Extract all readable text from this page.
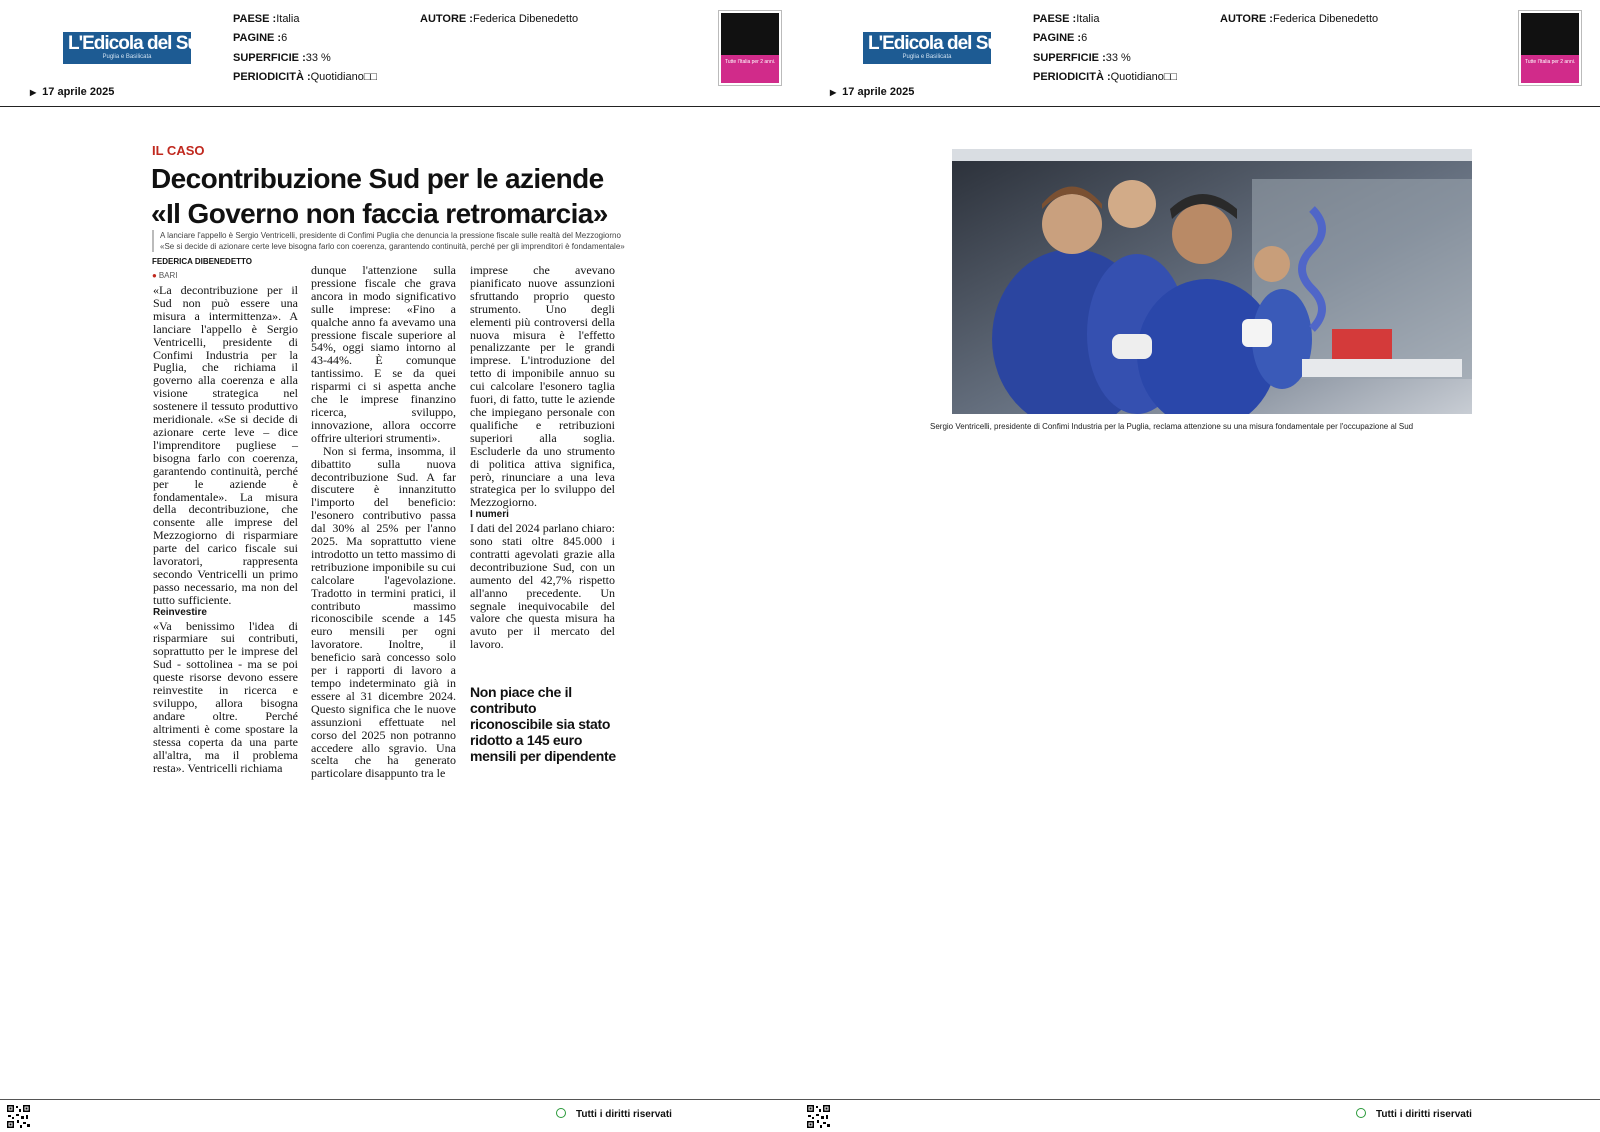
L'Edicola del Sud
Puglia e Basilicata
PAESE :Italia
PAGINE :6
SUPERFICIE :33 %
PERIODICITÀ :Quotidiano□□
AUTORE :Federica Dibenedetto
Tutte l'Italia per 2 anni.
▶ 17 aprile 2025
IL CASO
Decontribuzione Sud per le aziende
«Il Governo non faccia retromarcia»
A lanciare l'appello è Sergio Ventricelli, presidente di Confimi Puglia che denuncia la pressione fiscale sulle realtà del Mezzogiorno
«Se si decide di azionare certe leve bisogna farlo con coerenza, garantendo continuità, perché per gli imprenditori è fondamentale»
FEDERICA DIBENEDETTO
● BARI

«La decontribuzione per il Sud non può essere una misura a intermittenza». A lanciare l'appello è Sergio Ventricelli, presidente di Confimi Industria per la Puglia, che richiama il governo alla coerenza e alla visione strategica nel sostenere il tessuto produttivo meridionale. «Se si decide di azionare certe leve – dice l'imprenditore pugliese – bisogna farlo con coerenza, garantendo continuità, perché per le aziende è fondamentale». La misura della decontribuzione, che consente alle imprese del Mezzogiorno di risparmiare parte del carico fiscale sui lavoratori, rappresenta secondo Ventricelli un primo passo necessario, ma non del tutto sufficiente.

Reinvestire

«Va benissimo l'idea di risparmiare sui contributi, soprattutto per le imprese del Sud - sottolinea - ma se poi queste risorse devono essere reinvestite in ricerca e sviluppo, allora bisogna andare oltre. Perché altrimenti è come spostare la stessa coperta da una parte all'altra, ma il problema resta». Ventricelli richiama

dunque l'attenzione sulla pressione fiscale che grava ancora in modo significativo sulle imprese: «Fino a qualche anno fa avevamo una pressione fiscale superiore al 54%, oggi siamo intorno al 43-44%. È comunque tantissimo. E se da quei risparmi ci si aspetta anche che le imprese finanzino ricerca, sviluppo, innovazione, allora occorre offrire ulteriori strumenti».

Non si ferma, insomma, il dibattito sulla nuova decontribuzione Sud. A far discutere è innanzitutto l'importo del beneficio: l'esonero contributivo passa dal 30% al 25% per l'anno 2025. Ma soprattutto viene introdotto un tetto massimo di retribuzione imponibile su cui calcolare l'agevolazione. Tradotto in termini pratici, il contributo massimo riconoscibile scende a 145 euro mensili per ogni lavoratore. Inoltre, il beneficio sarà concesso solo per i rapporti di lavoro a tempo indeterminato già in essere al 31 dicembre 2024. Questo significa che le nuove assunzioni effettuate nel corso del 2025 non potranno accedere allo sgravio. Una scelta che ha generato particolare disappunto tra le

imprese che avevano pianificato nuove assunzioni sfruttando proprio questo strumento. Uno degli elementi più controversi della nuova misura è l'effetto penalizzante per le grandi imprese. L'introduzione del tetto di imponibile annuo su cui calcolare l'esonero taglia fuori, di fatto, tutte le aziende che impiegano personale con qualifiche e retribuzioni superiori alla soglia. Escluderle da uno strumento di politica attiva significa, però, rinunciare a una leva strategica per lo sviluppo del Mezzogiorno.

I numeri

I dati del 2024 parlano chiaro: sono stati oltre 845.000 i contratti agevolati grazie alla decontribuzione Sud, con un aumento del 42,7% rispetto all'anno precedente. Un segnale inequivocabile del valore che questa misura ha avuto per il mercato del lavoro.

Non piace che il contributo riconoscibile sia stato ridotto a 145 euro mensili per dipendente
Tutti i diritti riservati
L'Edicola del Sud
Puglia e Basilicata
PAESE :Italia
PAGINE :6
SUPERFICIE :33 %
PERIODICITÀ :Quotidiano□□
AUTORE :Federica Dibenedetto
Tutte l'Italia per 2 anni.
▶ 17 aprile 2025
Sergio Ventricelli, presidente di Confimi Industria per la Puglia, reclama attenzione su una misura fondamentale per l'occupazione al Sud
Tutti i diritti riservati
